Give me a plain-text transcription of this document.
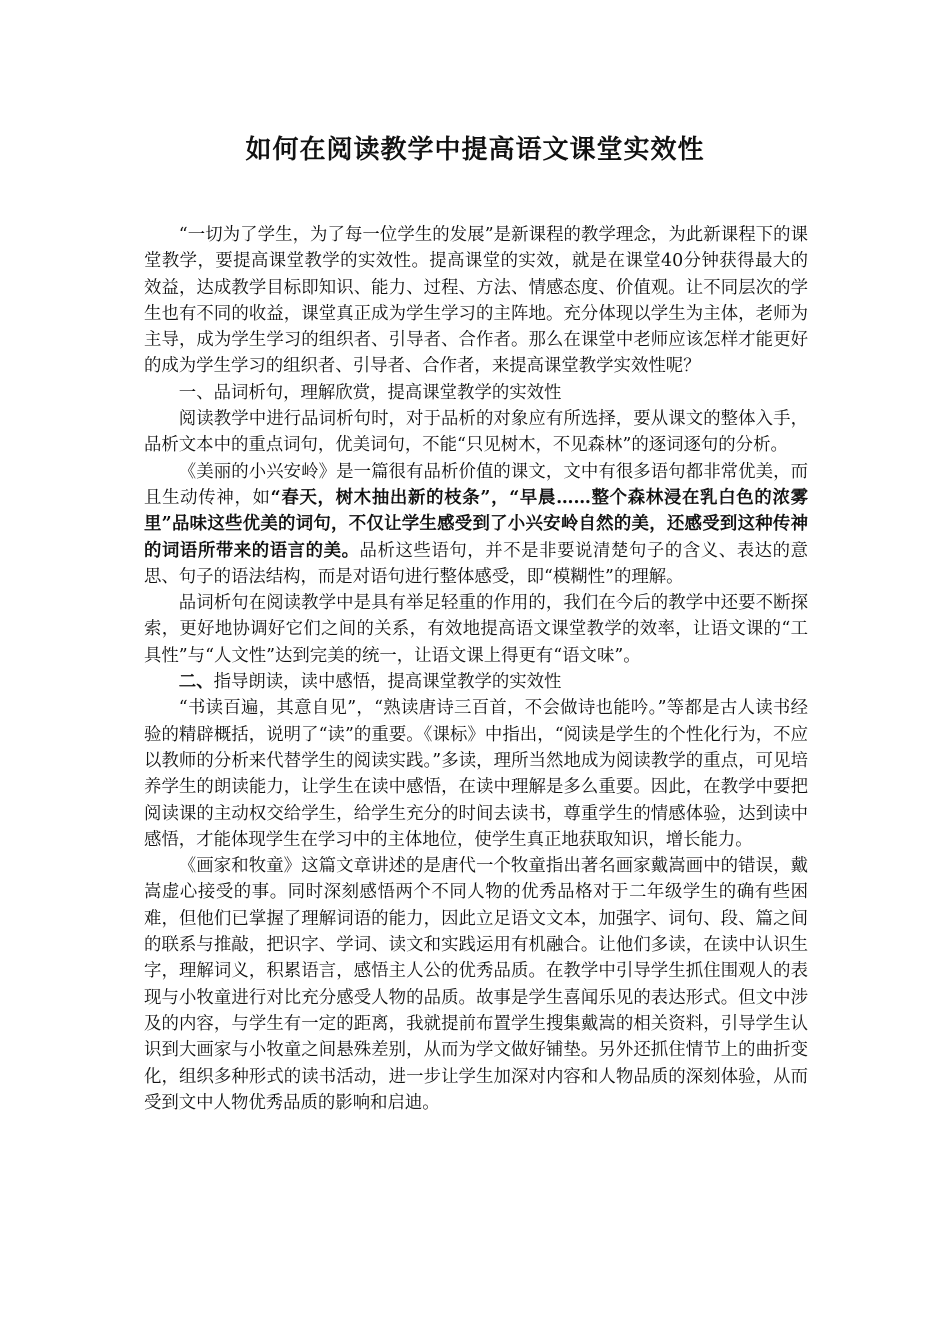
如何在阅读教学中提高语文课堂实效性

“一切为了学生，为了每一位学生的发展”是新课程的教学理念，为此新课程下的课堂教学，要提高课堂教学的实效性。提高课堂的实效，就是在课堂40分钟获得最大的效益，达成教学目标即知识、能力、过程、方法、情感态度、价值观。让不同层次的学生也有不同的收益，课堂真正成为学生学习的主阵地。充分体现以学生为主体，老师为主导，成为学生学习的组织者、引导者、合作者。那么在课堂中老师应该怎样才能更好的成为学生学习的组织者、引导者、合作者，来提高课堂教学实效性呢？

一、品词析句，理解欣赏，提高课堂教学的实效性

阅读教学中进行品词析句时，对于品析的对象应有所选择，要从课文的整体入手，品析文本中的重点词句，优美词句，不能“只见树木，不见森林”的逐词逐句的分析。

《美丽的小兴安岭》是一篇很有品析价值的课文，文中有很多语句都非常优美，而且生动传神，如“春天，树木抽出新的枝条”，“早晨……整个森林浸在乳白色的浓雾里”品味这些优美的词句，不仅让学生感受到了小兴安岭自然的美，还感受到这种传神的词语所带来的语言的美。品析这些语句，并不是非要说清楚句子的含义、表达的意思、句子的语法结构，而是对语句进行整体感受，即“模糊性”的理解。

品词析句在阅读教学中是具有举足轻重的作用的，我们在今后的教学中还要不断探索，更好地协调好它们之间的关系，有效地提高语文课堂教学的效率，让语文课的“工具性”与“人文性”达到完美的统一，让语文课上得更有“语文味”。

二、指导朗读，读中感悟，提高课堂教学的实效性

“书读百遍，其意自见”，“熟读唐诗三百首，不会做诗也能吟。”等都是古人读书经验的精辟概括，说明了“读”的重要。《课标》中指出，“阅读是学生的个性化行为，不应以教师的分析来代替学生的阅读实践。”多读，理所当然地成为阅读教学的重点，可见培养学生的朗读能力，让学生在读中感悟，在读中理解是多么重要。因此，在教学中要把阅读课的主动权交给学生，给学生充分的时间去读书，尊重学生的情感体验，达到读中感悟，才能体现学生在学习中的主体地位，使学生真正地获取知识，增长能力。

《画家和牧童》这篇文章讲述的是唐代一个牧童指出著名画家戴嵩画中的错误，戴嵩虚心接受的事。同时深刻感悟两个不同人物的优秀品格对于二年级学生的确有些困难，但他们已掌握了理解词语的能力，因此立足语文文本，加强字、词句、段、篇之间的联系与推敲，把识字、学词、读文和实践运用有机融合。让他们多读，在读中认识生字，理解词义，积累语言，感悟主人公的优秀品质。在教学中引导学生抓住围观人的表现与小牧童进行对比充分感受人物的品质。故事是学生喜闻乐见的表达形式。但文中涉及的内容，与学生有一定的距离，我就提前布置学生搜集戴嵩的相关资料，引导学生认识到大画家与小牧童之间悬殊差别，从而为学文做好铺垫。另外还抓住情节上的曲折变化，组织多种形式的读书活动，进一步让学生加深对内容和人物品质的深刻体验，从而受到文中人物优秀品质的影响和启迪。
